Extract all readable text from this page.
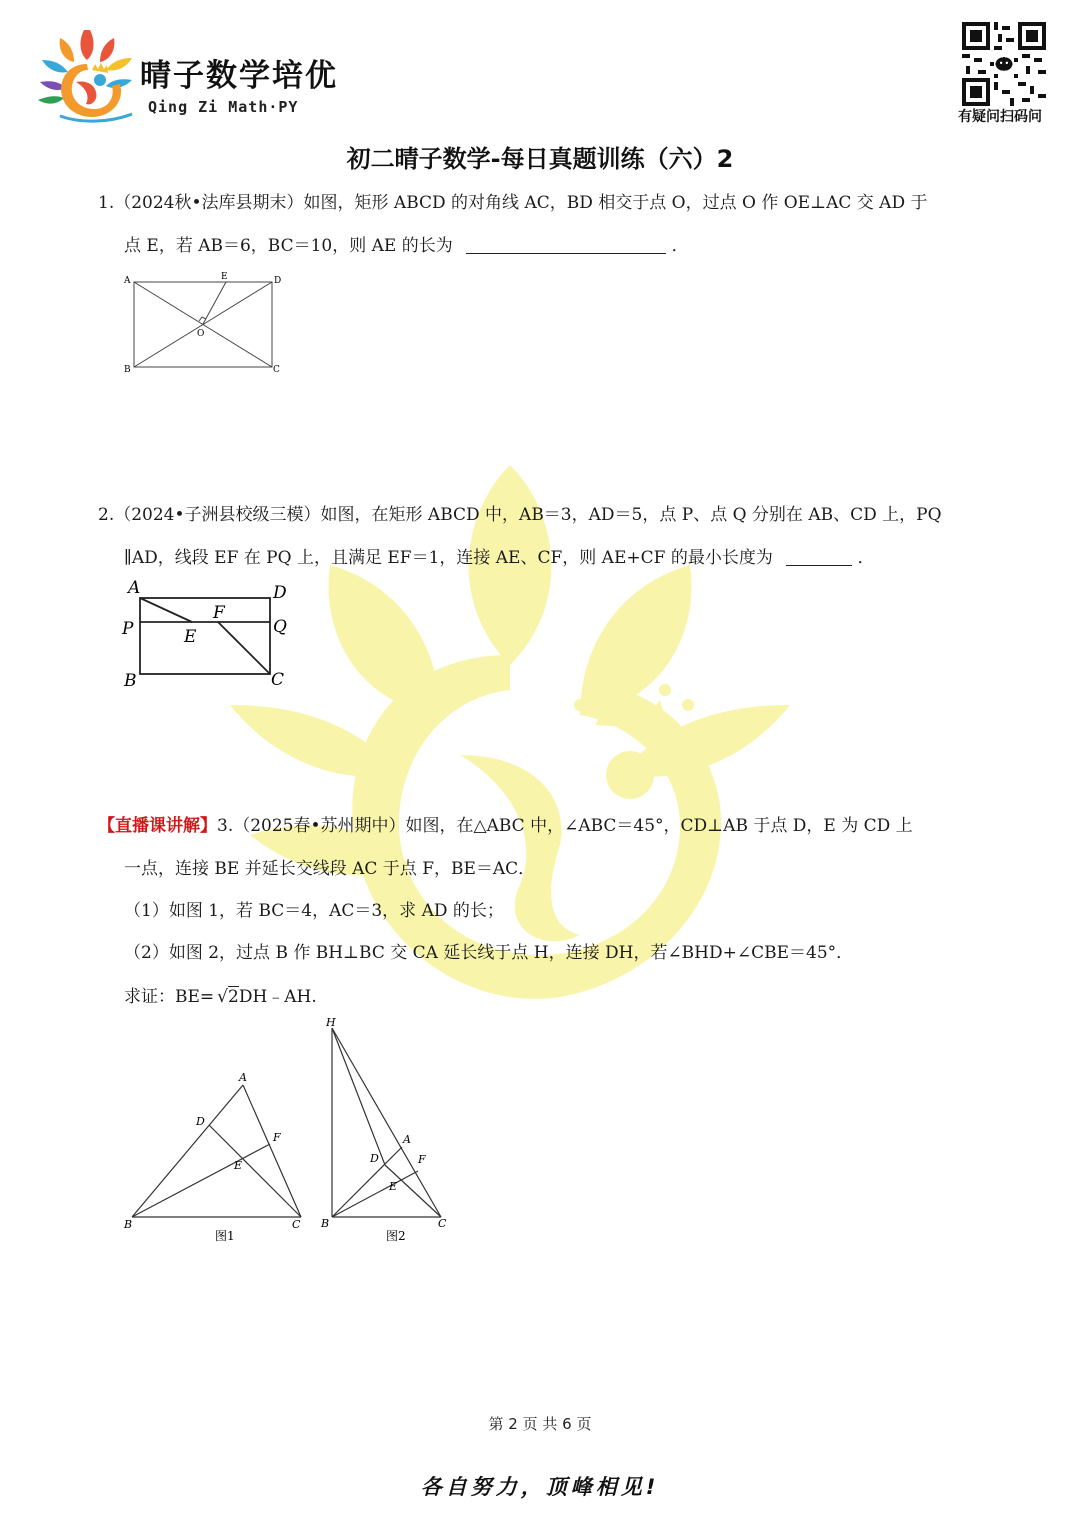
晴子数学培优
Qing Zi Math·PY
有疑问扫码问
初二晴子数学-每日真题训练（六）2
1.（2024秋•法库县期末）如图，矩形 ABCD 的对角线 AC，BD 相交于点 O，过点 O 作 OE⊥AC 交 AD 于
点 E，若 AB＝6，BC＝10，则 AE 的长为	．
A	E	D
O
B	C
2.（2024•子洲县校级三模）如图，在矩形 ABCD 中，AB＝3，AD＝5，点 P、点 Q 分别在 AB、CD 上，PQ
∥AD，线段 EF 在 PQ 上，且满足 EF＝1，连接 AE、CF，则 AE+CF 的最小长度为	．
A	D
F
P	Q
E
B	C
【直播课讲解】3.（2025春•苏州期中）如图，在△ABC 中，∠ABC＝45°，CD⊥AB 于点 D，E 为 CD 上
一点，连接 BE 并延长交线段 AC 于点 F，BE＝AC．
（1）如图 1，若 BC＝4，AC＝3，求 AD 的长；
（2）如图 2，过点 B 作 BH⊥BC 交 CA 延长线于点 H，连接 DH，若∠BHD+∠CBE＝45°．
求证：BE= √2DH﹣AH.
A
D
F
E
B	C
图1
H
A
D	F
E
B	C
图2
第 2 页 共 6 页
各自努力，顶峰相见!
